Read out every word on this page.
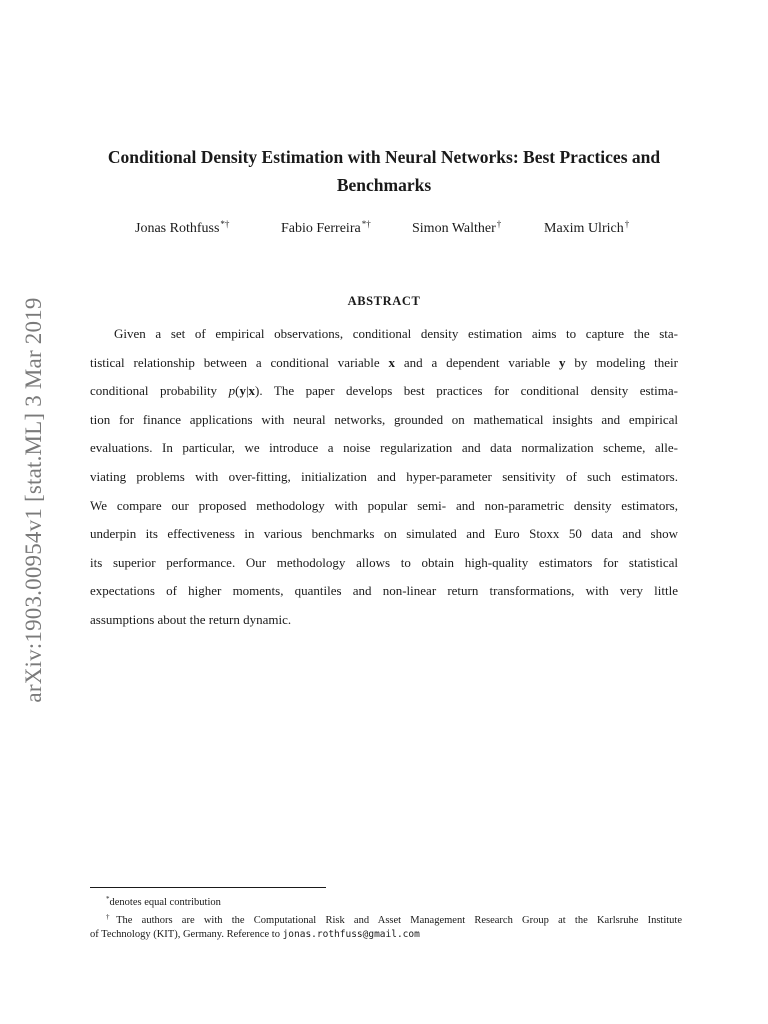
arXiv:1903.00954v1 [stat.ML] 3 Mar 2019
Conditional Density Estimation with Neural Networks: Best Practices and Benchmarks
Jonas Rothfuss*†	Fabio Ferreira*†	Simon Walther†	Maxim Ulrich†
ABSTRACT
Given a set of empirical observations, conditional density estimation aims to capture the sta-
tistical relationship between a conditional variable x and a dependent variable y by modeling their
conditional probability p(y|x). The paper develops best practices for conditional density estima-
tion for finance applications with neural networks, grounded on mathematical insights and empirical
evaluations. In particular, we introduce a noise regularization and data normalization scheme, alle-
viating problems with over-fitting, initialization and hyper-parameter sensitivity of such estimators.
We compare our proposed methodology with popular semi- and non-parametric density estimators,
underpin its effectiveness in various benchmarks on simulated and Euro Stoxx 50 data and show
its superior performance. Our methodology allows to obtain high-quality estimators for statistical
expectations of higher moments, quantiles and non-linear return transformations, with very little
assumptions about the return dynamic.
*denotes equal contribution
†The authors are with the Computational Risk and Asset Management Research Group at the Karlsruhe Institute
of Technology (KIT), Germany. Reference to jonas.rothfuss@gmail.com
